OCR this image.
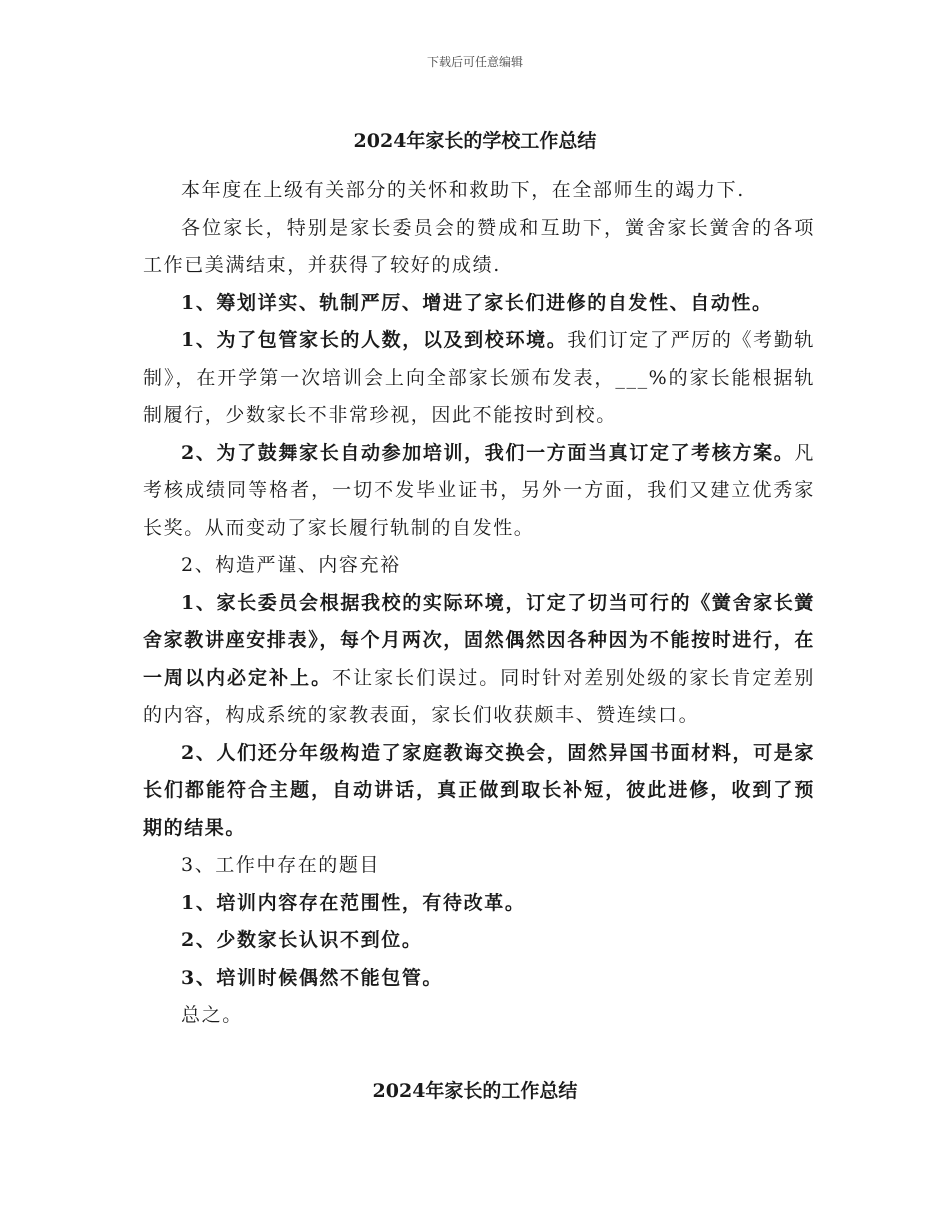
下载后可任意编辑
2024年家长的学校工作总结

本年度在上级有关部分的关怀和救助下，在全部师生的竭力下.

各位家长，特别是家长委员会的赞成和互助下，黉舍家长黉舍的各项工作已美满结束，并获得了较好的成绩.

1、筹划详实、轨制严厉、增进了家长们进修的自发性、自动性。

1、为了包管家长的人数，以及到校环境。我们订定了严厉的《考勤轨制》，在开学第一次培训会上向全部家长颁布发表，___%的家长能根据轨制履行，少数家长不非常珍视，因此不能按时到校。

2、为了鼓舞家长自动参加培训，我们一方面当真订定了考核方案。凡考核成绩同等格者，一切不发毕业证书，另外一方面，我们又建立优秀家长奖。从而变动了家长履行轨制的自发性。

2、构造严谨、内容充裕

1、家长委员会根据我校的实际环境，订定了切当可行的《黉舍家长黉舍家教讲座安排表》，每个月两次，固然偶然因各种因为不能按时进行，在一周以内必定补上。不让家长们误过。同时针对差别处级的家长肯定差别的内容，构成系统的家教表面，家长们收获颇丰、赞连续口。

2、人们还分年级构造了家庭教诲交换会，固然异国书面材料，可是家长们都能符合主题，自动讲话，真正做到取长补短，彼此进修，收到了预期的结果。

3、工作中存在的题目

1、培训内容存在范围性，有待改革。

2、少数家长认识不到位。

3、培训时候偶然不能包管。

总之。

2024年家长的工作总结
